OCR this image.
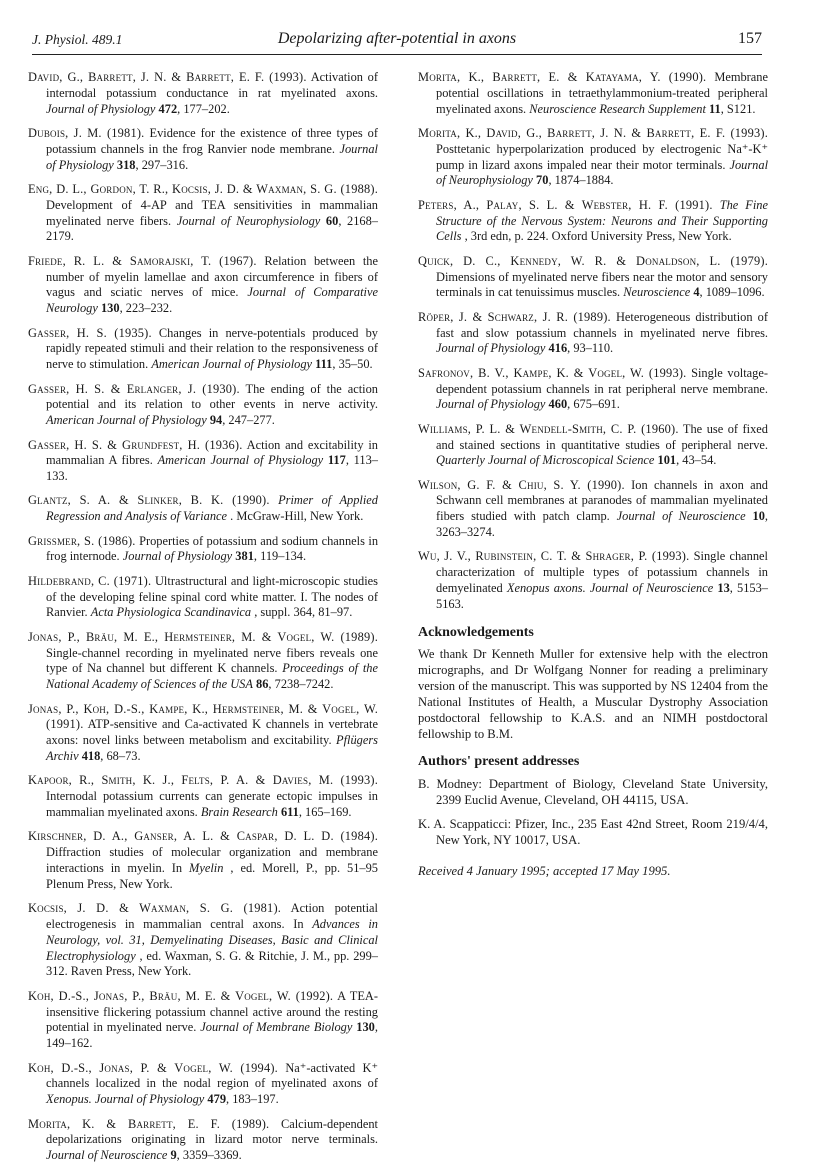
J. Physiol. 489.1	Depolarizing after-potential in axons	157
David, G., Barrett, J. N. & Barrett, E. F. (1993). Activation of internodal potassium conductance in rat myelinated axons. Journal of Physiology 472, 177–202.
Dubois, J. M. (1981). Evidence for the existence of three types of potassium channels in the frog Ranvier node membrane. Journal of Physiology 318, 297–316.
Eng, D. L., Gordon, T. R., Kocsis, J. D. & Waxman, S. G. (1988). Development of 4-AP and TEA sensitivities in mammalian myelinated nerve fibers. Journal of Neurophysiology 60, 2168–2179.
Friede, R. L. & Samorajski, T. (1967). Relation between the number of myelin lamellae and axon circumference in fibers of vagus and sciatic nerves of mice. Journal of Comparative Neurology 130, 223–232.
Gasser, H. S. (1935). Changes in nerve-potentials produced by rapidly repeated stimuli and their relation to the responsiveness of nerve to stimulation. American Journal of Physiology 111, 35–50.
Gasser, H. S. & Erlanger, J. (1930). The ending of the action potential and its relation to other events in nerve activity. American Journal of Physiology 94, 247–277.
Gasser, H. S. & Grundfest, H. (1936). Action and excitability in mammalian A fibres. American Journal of Physiology 117, 113–133.
Glantz, S. A. & Slinker, B. K. (1990). Primer of Applied Regression and Analysis of Variance . McGraw-Hill, New York.
Grissmer, S. (1986). Properties of potassium and sodium channels in frog internode. Journal of Physiology 381, 119–134.
Hildebrand, C. (1971). Ultrastructural and light-microscopic studies of the developing feline spinal cord white matter. I. The nodes of Ranvier. Acta Physiologica Scandinavica , suppl. 364, 81–97.
Jonas, P., Bräu, M. E., Hermsteiner, M. & Vogel, W. (1989). Single-channel recording in myelinated nerve fibers reveals one type of Na channel but different K channels. Proceedings of the National Academy of Sciences of the USA 86, 7238–7242.
Jonas, P., Koh, D.-S., Kampe, K., Hermsteiner, M. & Vogel, W. (1991). ATP-sensitive and Ca-activated K channels in vertebrate axons: novel links between metabolism and excitability. Pflügers Archiv 418, 68–73.
Kapoor, R., Smith, K. J., Felts, P. A. & Davies, M. (1993). Internodal potassium currents can generate ectopic impulses in mammalian myelinated axons. Brain Research 611, 165–169.
Kirschner, D. A., Ganser, A. L. & Caspar, D. L. D. (1984). Diffraction studies of molecular organization and membrane interactions in myelin. In Myelin , ed. Morell, P., pp. 51–95 Plenum Press, New York.
Kocsis, J. D. & Waxman, S. G. (1981). Action potential electrogenesis in mammalian central axons. In Advances in Neurology, vol. 31, Demyelinating Diseases, Basic and Clinical Electrophysiology , ed. Waxman, S. G. & Ritchie, J. M., pp. 299–312. Raven Press, New York.
Koh, D.-S., Jonas, P., Bräu, M. E. & Vogel, W. (1992). A TEA-insensitive flickering potassium channel active around the resting potential in myelinated nerve. Journal of Membrane Biology 130, 149–162.
Koh, D.-S., Jonas, P. & Vogel, W. (1994). Na⁺-activated K⁺ channels localized in the nodal region of myelinated axons of Xenopus. Journal of Physiology 479, 183–197.
Morita, K. & Barrett, E. F. (1989). Calcium-dependent depolarizations originating in lizard motor nerve terminals. Journal of Neuroscience 9, 3359–3369.
Morita, K., Barrett, E. & Katayama, Y. (1990). Membrane potential oscillations in tetraethylammonium-treated peripheral myelinated axons. Neuroscience Research Supplement 11, S121.
Morita, K., David, G., Barrett, J. N. & Barrett, E. F. (1993). Posttetanic hyperpolarization produced by electrogenic Na⁺-K⁺ pump in lizard axons impaled near their motor terminals. Journal of Neurophysiology 70, 1874–1884.
Peters, A., Palay, S. L. & Webster, H. F. (1991). The Fine Structure of the Nervous System: Neurons and Their Supporting Cells , 3rd edn, p. 224. Oxford University Press, New York.
Quick, D. C., Kennedy, W. R. & Donaldson, L. (1979). Dimensions of myelinated nerve fibers near the motor and sensory terminals in cat tenuissimus muscles. Neuroscience 4, 1089–1096.
Röper, J. & Schwarz, J. R. (1989). Heterogeneous distribution of fast and slow potassium channels in myelinated nerve fibres. Journal of Physiology 416, 93–110.
Safronov, B. V., Kampe, K. & Vogel, W. (1993). Single voltage-dependent potassium channels in rat peripheral nerve membrane. Journal of Physiology 460, 675–691.
Williams, P. L. & Wendell-Smith, C. P. (1960). The use of fixed and stained sections in quantitative studies of peripheral nerve. Quarterly Journal of Microscopical Science 101, 43–54.
Wilson, G. F. & Chiu, S. Y. (1990). Ion channels in axon and Schwann cell membranes at paranodes of mammalian myelinated fibers studied with patch clamp. Journal of Neuroscience 10, 3263–3274.
Wu, J. V., Rubinstein, C. T. & Shrager, P. (1993). Single channel characterization of multiple types of potassium channels in demyelinated Xenopus axons. Journal of Neuroscience 13, 5153–5163.
Acknowledgements
We thank Dr Kenneth Muller for extensive help with the electron micrographs, and Dr Wolfgang Nonner for reading a preliminary version of the manuscript. This was supported by NS 12404 from the National Institutes of Health, a Muscular Dystrophy Association postdoctoral fellowship to K.A.S. and an NIMH postdoctoral fellowship to B.M.
Authors' present addresses
B. Modney: Department of Biology, Cleveland State University, 2399 Euclid Avenue, Cleveland, OH 44115, USA.
K. A. Scappaticci: Pfizer, Inc., 235 East 42nd Street, Room 219/4/4, New York, NY 10017, USA.
Received 4 January 1995; accepted 17 May 1995.
